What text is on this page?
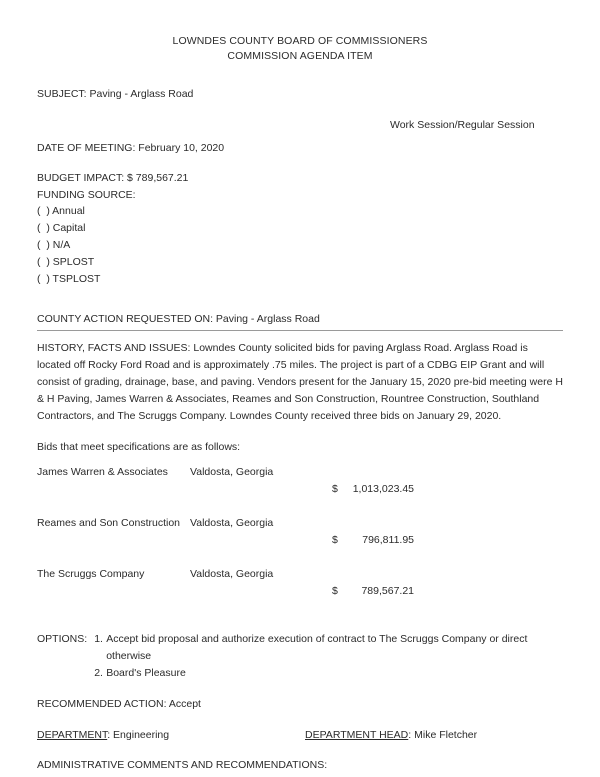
LOWNDES COUNTY BOARD OF COMMISSIONERS
COMMISSION AGENDA ITEM
SUBJECT: Paving - Arglass Road
Work Session/Regular Session
DATE OF MEETING: February 10, 2020
BUDGET IMPACT: $ 789,567.21
FUNDING SOURCE:
(  ) Annual
(  ) Capital
(  ) N/A
(  ) SPLOST
(  ) TSPLOST
COUNTY ACTION REQUESTED ON: Paving - Arglass Road

HISTORY, FACTS AND ISSUES: Lowndes County solicited bids for paving Arglass Road. Arglass Road is located off Rocky Ford Road and is approximately .75 miles. The project is part of a CDBG EIP Grant and will consist of grading, drainage, base, and paving. Vendors present for the January 15, 2020 pre-bid meeting were H & H Paving, James Warren & Associates, Reames and Son Construction, Rountree Construction, Southland Contractors, and The Scruggs Company. Lowndes County received three bids on January 29, 2020.

Bids that meet specifications are as follows:
James Warren & Associates	Valdosta, Georgia	$ 1,013,023.45

Reames and Son Construction	Valdosta, Georgia	$ 796,811.95

The Scruggs Company	Valdosta, Georgia	$ 789,567.21

OPTIONS: 1. Accept bid proposal and authorize execution of contract to The Scruggs Company or direct
otherwise
2. Board's Pleasure
RECOMMENDED ACTION: Accept
DEPARTMENT: Engineering	DEPARTMENT HEAD: Mike Fletcher
ADMINISTRATIVE COMMENTS AND RECOMMENDATIONS:
